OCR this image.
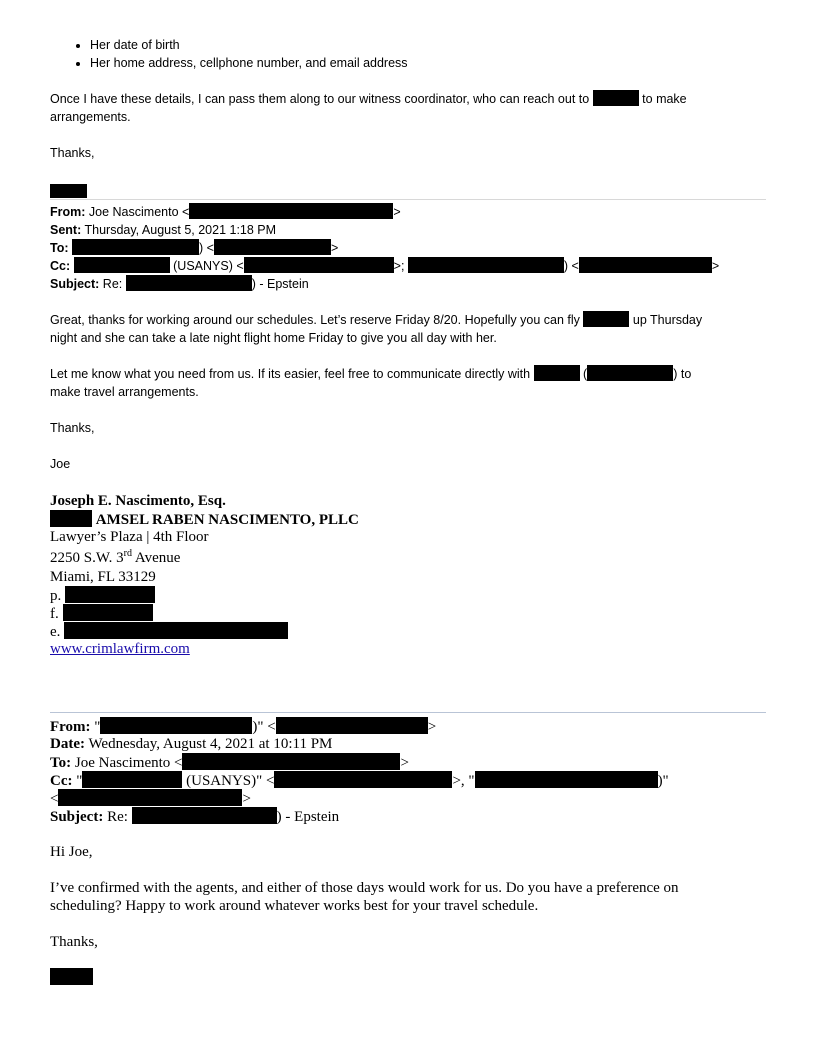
• Her date of birth
• Her home address, cellphone number, and email address
Once I have these details, I can pass them along to our witness coordinator, who can reach out to	to make
arrangements.
Thanks,
From: Joe Nascimento <	>
Sent: Thursday, August 5, 2021 1:18 PM
To:	) <	>
Cc:	(USANYS) <	>;	) <	>
Subject: Re:	) - Epstein
Great, thanks for working around our schedules. Let’s reserve Friday 8/20. Hopefully you can fly	up Thursday
night and she can take a late night flight home Friday to give you all day with her.
Let me know what you need from us. If its easier, feel free to communicate directly with	(	) to
make travel arrangements.
Thanks,
Joe
Joseph E. Nascimento, Esq.
AMSEL RABEN NASCIMENTO, PLLC
Lawyer’s Plaza | 4th Floor
2250 S.W. 3rd Avenue
Miami, FL 33129
p.
f.
e.
www.crimlawfirm.com
From: "	)" <	>
Date: Wednesday, August 4, 2021 at 10:11 PM
To: Joe Nascimento <	>
Cc: "	(USANYS)" <	>, "	)"
<	>
Subject: Re:	) - Epstein
Hi Joe,
I’ve confirmed with the agents, and either of those days would work for us. Do you have a preference on
scheduling? Happy to work around whatever works best for your travel schedule.
Thanks,
